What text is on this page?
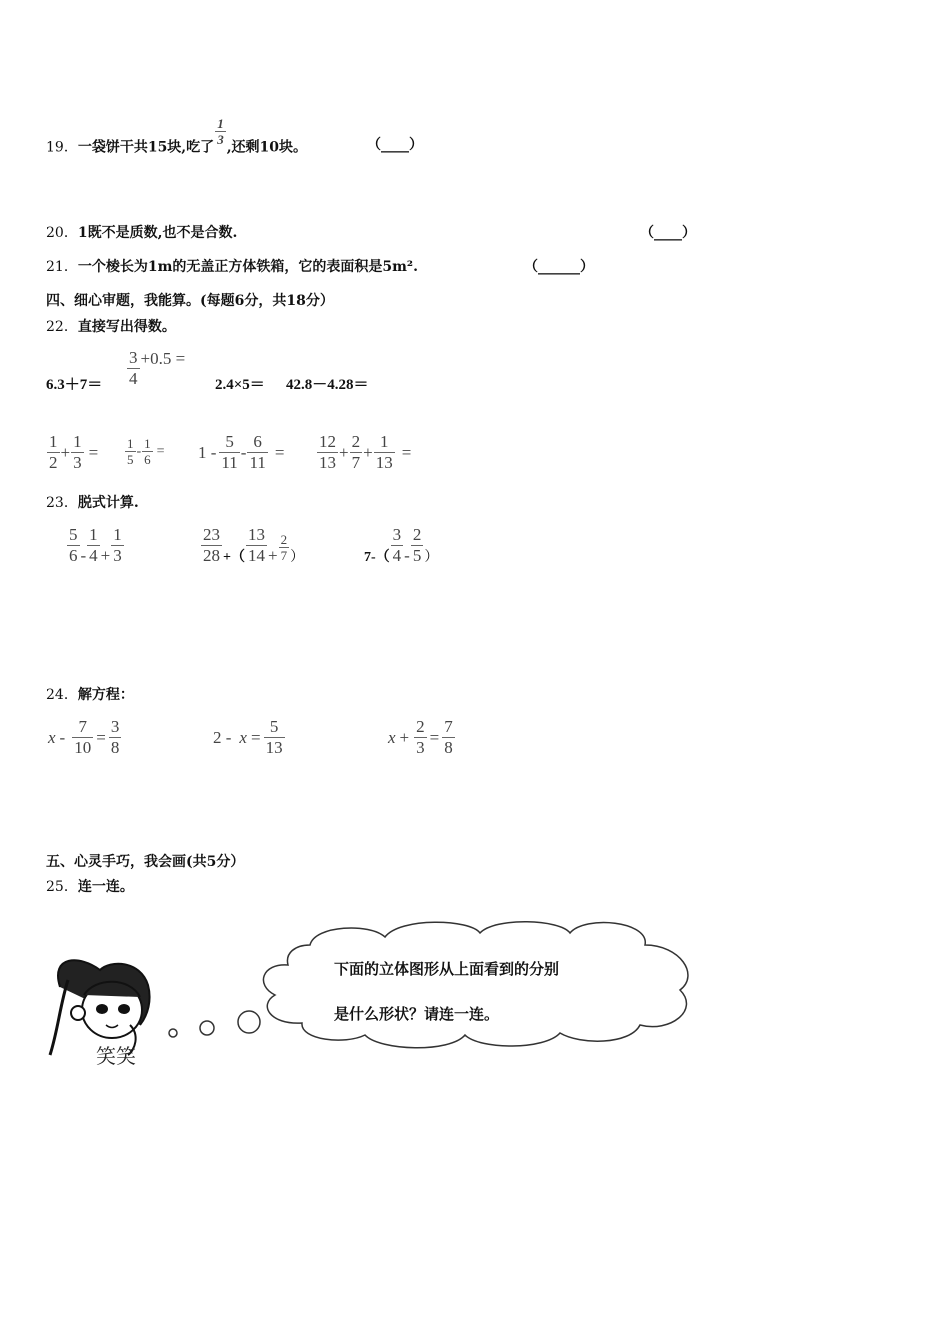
19．一袋饼干共15块,吃了
$\frac{1}{3}$
,还剩10块。	（____）
20．1既不是质数,也不是合数.	（____）
21．一个棱长为1m的无盖正方体铁箱，它的表面积是5m².	（______）
四、细心审题，我能算。(每题6分，共18分）
22．直接写出得数。
$6.3+7= \frac{3}{4} +0.5$ =
2.4×5＝ 42.8－4.28＝
$\frac{1}{2} + \frac{1}{3} = \frac{1}{5} - \frac{1}{6} = 1 - \frac{5}{11} - \frac{6}{11} = \frac{12}{13} + \frac{2}{7} + \frac{1}{13}$ =
23．脱式计算.
$\frac{5}{6} - \frac{1}{4} + \frac{1}{3}$	$\frac{23}{28}$ +（ $\frac{13}{14} + \frac{2}{7}$ ）	$7-( \frac{3}{4} - \frac{2}{5}$ ）
24．解方程：
$x - \frac{7}{10} = \frac{3}{8}$	$2 - x = \frac{5}{13}$	$x + \frac{2}{3} = \frac{7}{8}$
五、心灵手巧，我会画(共5分）
25．连一连。
笑笑
下面的立体图形从上面看到的分别
是什么形状？请连一连。
